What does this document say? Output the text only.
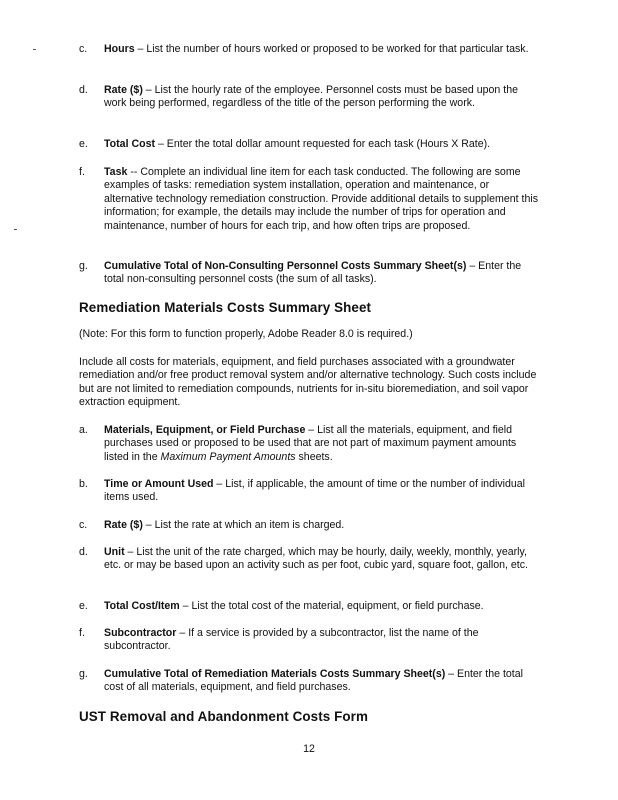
c. Hours – List the number of hours worked or proposed to be worked for that particular task.
d. Rate ($) – List the hourly rate of the employee. Personnel costs must be based upon the work being performed, regardless of the title of the person performing the work.
e. Total Cost – Enter the total dollar amount requested for each task (Hours X Rate).
f. Task -- Complete an individual line item for each task conducted. The following are some examples of tasks: remediation system installation, operation and maintenance, or alternative technology remediation construction. Provide additional details to supplement this information; for example, the details may include the number of trips for operation and maintenance, number of hours for each trip, and how often trips are proposed.
g. Cumulative Total of Non-Consulting Personnel Costs Summary Sheet(s) – Enter the total non-consulting personnel costs (the sum of all tasks).
Remediation Materials Costs Summary Sheet
(Note: For this form to function properly, Adobe Reader 8.0 is required.)
Include all costs for materials, equipment, and field purchases associated with a groundwater remediation and/or free product removal system and/or alternative technology. Such costs include but are not limited to remediation compounds, nutrients for in-situ bioremediation, and soil vapor extraction equipment.
a. Materials, Equipment, or Field Purchase – List all the materials, equipment, and field purchases used or proposed to be used that are not part of maximum payment amounts listed in the Maximum Payment Amounts sheets.
b. Time or Amount Used – List, if applicable, the amount of time or the number of individual items used.
c. Rate ($) – List the rate at which an item is charged.
d. Unit – List the unit of the rate charged, which may be hourly, daily, weekly, monthly, yearly, etc. or may be based upon an activity such as per foot, cubic yard, square foot, gallon, etc.
e. Total Cost/Item – List the total cost of the material, equipment, or field purchase.
f. Subcontractor – If a service is provided by a subcontractor, list the name of the subcontractor.
g. Cumulative Total of Remediation Materials Costs Summary Sheet(s) – Enter the total cost of all materials, equipment, and field purchases.
UST Removal and Abandonment Costs Form
12
